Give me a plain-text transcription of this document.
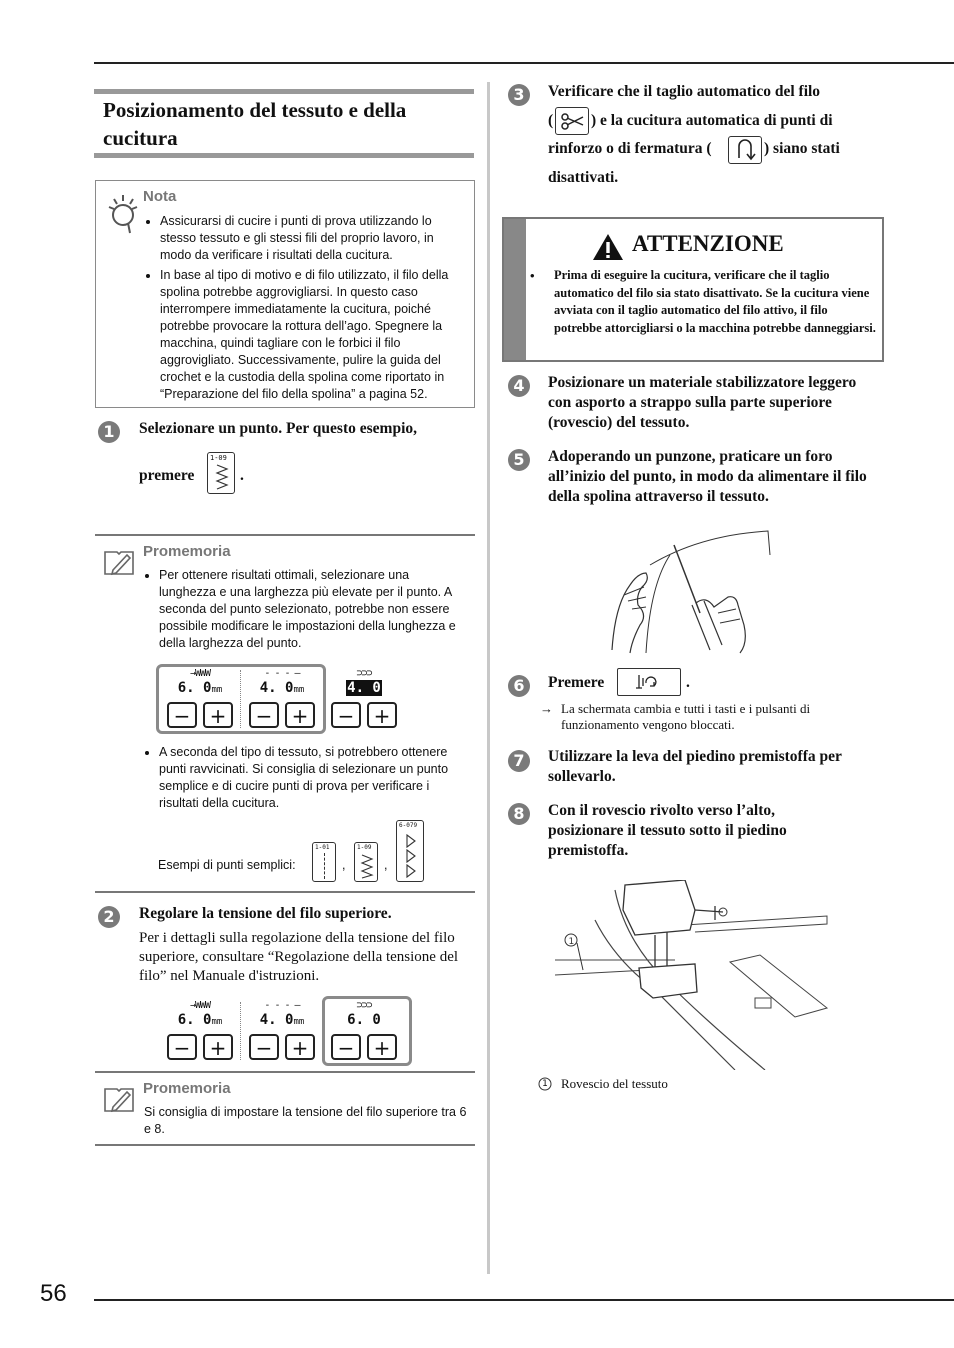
Posizionamento del tessuto e della
cucitura
Nota
• Assicurarsi di cucire i punti di prova utilizzando lo stesso tessuto e gli stessi fili del proprio lavoro, in modo da verificare i risultati della cucitura.
• In base al tipo di motivo e di filo utilizzato, il filo della spolina potrebbe aggrovigliarsi. In questo caso interrompere immediatamente la cucitura, poiché potrebbe provocare la rottura dell’ago. Spegnere la macchina, quindi tagliare con le forbici il filo aggrovigliato. Successivamente, pulire la guida del crochet e la custodia della spolina come riportato in “Preparazione del filo della spolina” a pagina 52.
1	Selezionare un punto. Per questo esempio,
premere
1-09
.
Promemoria
• Per ottenere risultati ottimali, selezionare una lunghezza e una larghezza più elevate per il punto. A seconda del punto selezionato, potrebbe non essere possibile modificare le impostazioni della lunghezza e della larghezza del punto.
→WWW
6. 0mm
− +
- - - —
4. 0mm
− +
⊃⊃⊃
4. 0
− +
• A seconda del tipo di tessuto, si potrebbero ottenere punti ravvicinati. Si consiglia di selezionare un punto semplice e di cucire punti di prova per verificare i risultati della cucitura.
Esempi di punti semplici:
1-01
,
1-09
,
6-079
2	Regolare la tensione del filo superiore.
Per i dettagli sulla regolazione della tensione del filo superiore, consultare “Regolazione della tensione del filo” nel Manuale d'istruzioni.
→WWW
6. 0mm
− +
- - - —
4. 0mm
− +
⊃⊃⊃
6. 0
− +
Promemoria
Si consiglia di impostare la tensione del filo superiore tra 6 e 8.
3	Verificare che il taglio automatico del filo
( ) e la cucitura automatica di punti di
rinforzo o di fermatura (	) siano stati
disattivati.
ATTENZIONE
• Prima di eseguire la cucitura, verificare che il taglio automatico del filo sia stato disattivato. Se la cucitura viene avviata con il taglio automatico del filo attivo, il filo potrebbe attorcigliarsi o la macchina potrebbe danneggiarsi.
4	Posizionare un materiale stabilizzatore leggero con asporto a strappo sulla parte superiore (rovescio) del tessuto.
5	Adoperando un punzone, praticare un foro all’inizio del punto, in modo da alimentare il filo della spolina attraverso il tessuto.
6	Premere	.
→ La schermata cambia e tutti i tasti e i pulsanti di funzionamento vengono bloccati.
7	Utilizzare la leva del piedino premistoffa per sollevarlo.
8	Con il rovescio rivolto verso l’alto, posizionare il tessuto sotto il piedino premistoffa.
1
1	Rovescio del tessuto
56
